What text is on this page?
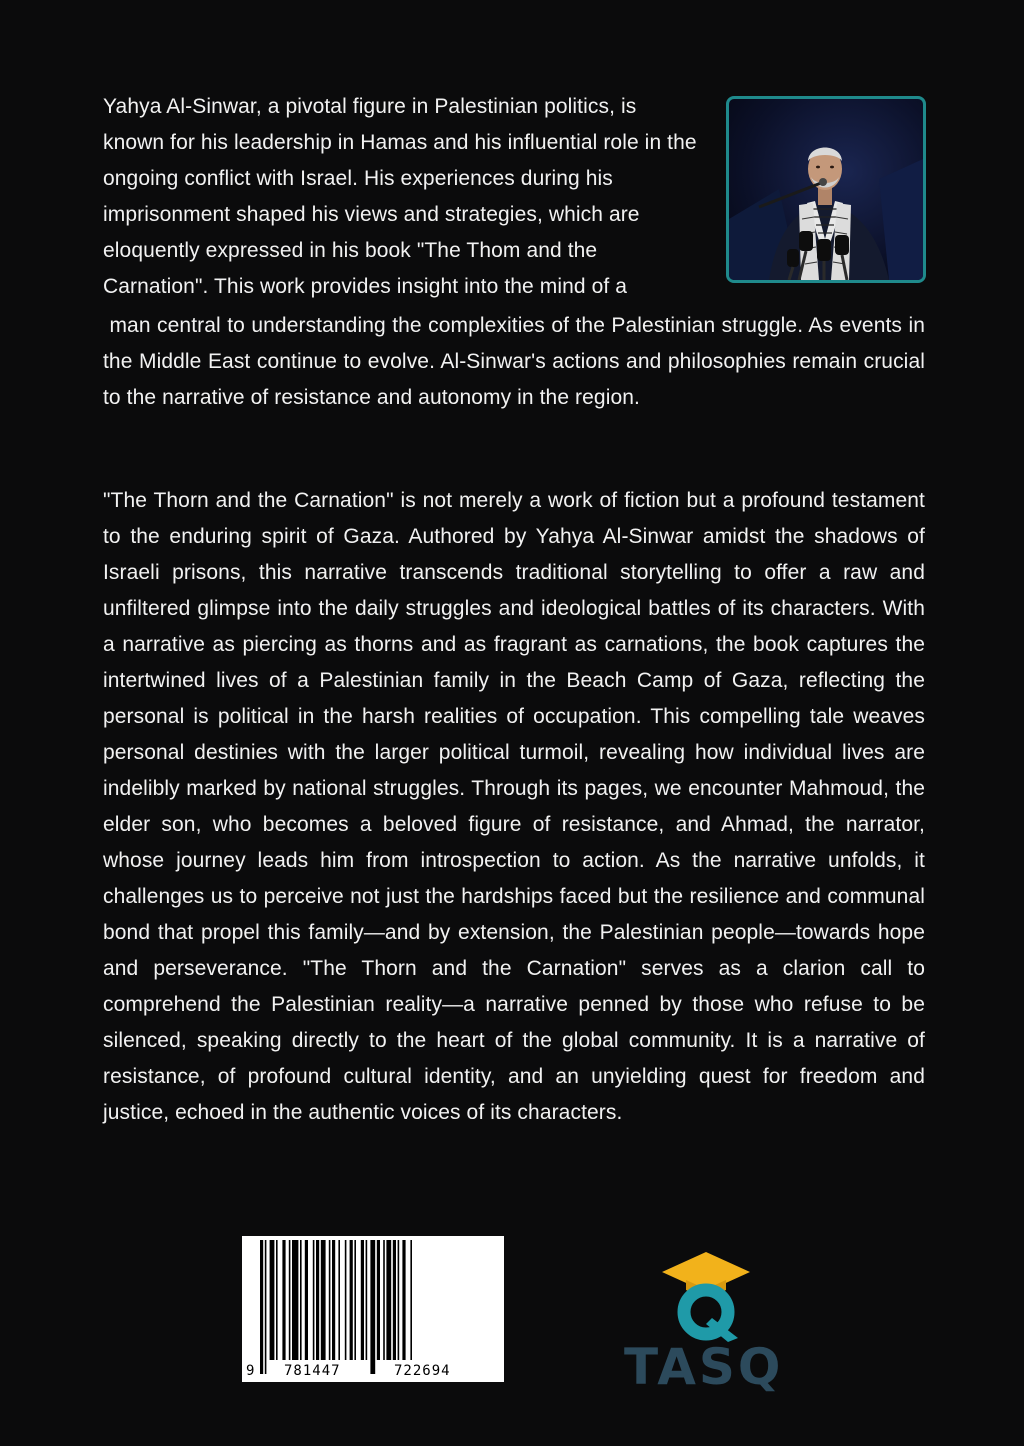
Yahya Al-Sinwar, a pivotal figure in Palestinian politics, is known for his leadership in Hamas and his influential role in the ongoing conflict with Israel. His experiences during his imprisonment shaped his views and strategies, which are eloquently expressed in his book "The Thom and the Carnation". This work provides insight into the mind of a
man central to understanding the complexities of the Palestinian struggle. As events in the Middle East continue to evolve. Al-Sinwar's actions and philosophies remain crucial to the narrative of resistance and autonomy in the region.
"The Thorn and the Carnation" is not merely a work of fiction but a profound testament to the enduring spirit of Gaza. Authored by Yahya Al-Sinwar amidst the shadows of Israeli prisons, this narrative transcends traditional storytelling to offer a raw and unfiltered glimpse into the daily struggles and ideological battles of its characters. With a narrative as piercing as thorns and as fragrant as carnations, the book captures the intertwined lives of a Palestinian family in the Beach Camp of Gaza, reflecting the personal is political in the harsh realities of occupation. This compelling tale weaves personal destinies with the larger political turmoil, revealing how individual lives are indelibly marked by national struggles. Through its pages, we encounter Mahmoud, the elder son, who becomes a beloved figure of resistance, and Ahmad, the narrator, whose journey leads him from introspection to action. As the narrative unfolds, it challenges us to perceive not just the hardships faced but the resilience and communal bond that propel this family—and by extension, the Palestinian people—towards hope and perseverance. "The Thorn and the Carnation" serves as a clarion call to comprehend the Palestinian reality—a narrative penned by those who refuse to be silenced, speaking directly to the heart of the global community. It is a narrative of resistance, of profound cultural identity, and an unyielding quest for freedom and justice, echoed in the authentic voices of its characters.
9 781447	722694	TASQ
